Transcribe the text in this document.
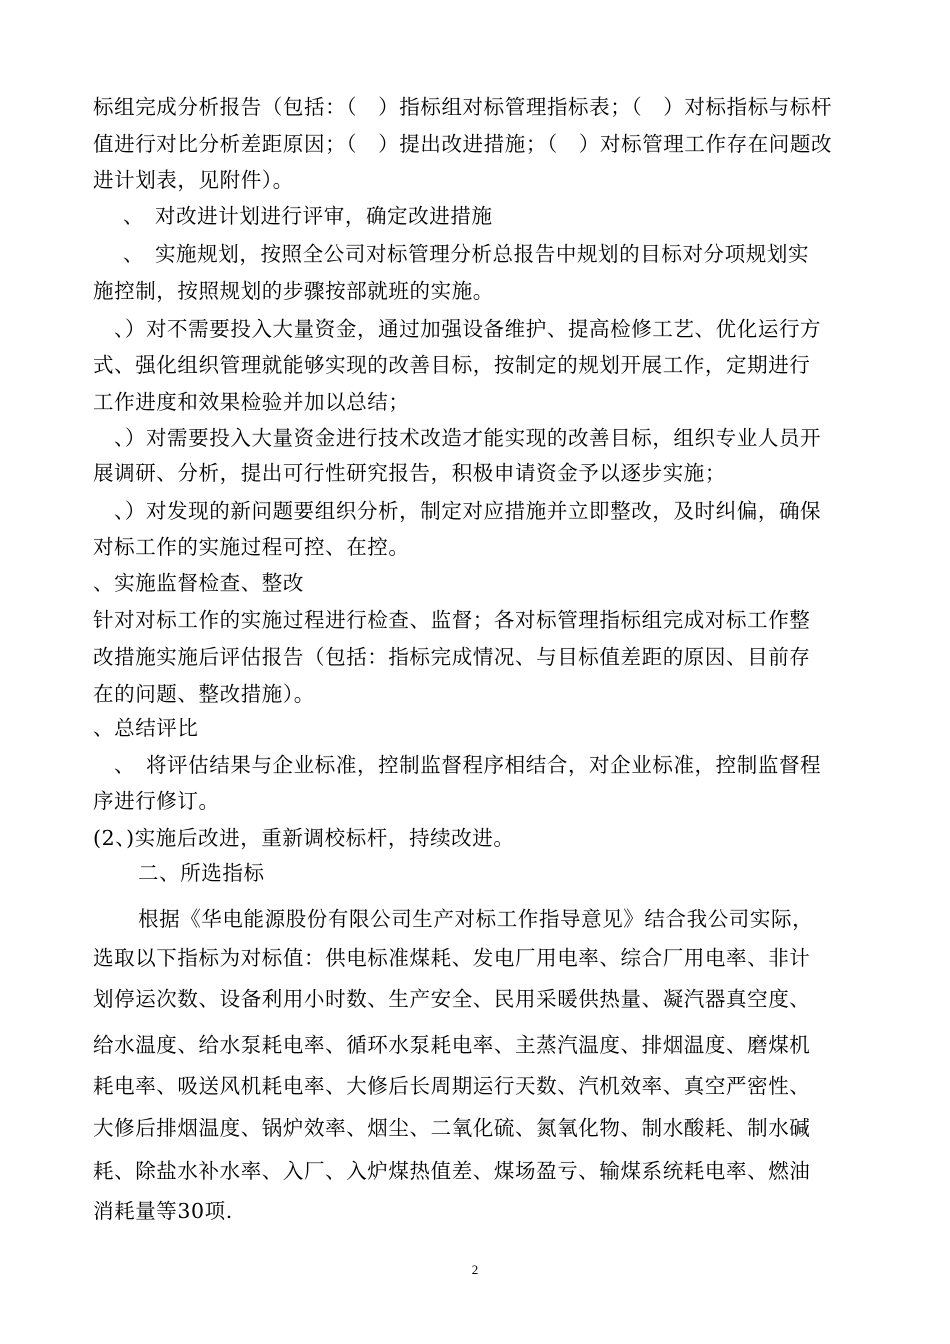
标组完成分析报告（包括：（　）指标组对标管理指标表；（　）对标指标与标杆
值进行对比分析差距原因；（　）提出改进措施；（　）对标管理工作存在问题改
进计划表，见附件）。
、　对改进计划进行评审，确定改进措施
、　实施规划，按照全公司对标管理分析总报告中规划的目标对分项规划实
施控制，按照规划的步骤按部就班的实施。
、）对不需要投入大量资金，通过加强设备维护、提高检修工艺、优化运行方
式、强化组织管理就能够实现的改善目标，按制定的规划开展工作，定期进行
工作进度和效果检验并加以总结；
、）对需要投入大量资金进行技术改造才能实现的改善目标，组织专业人员开
展调研、分析，提出可行性研究报告，积极申请资金予以逐步实施；
、）对发现的新问题要组织分析，制定对应措施并立即整改，及时纠偏，确保
对标工作的实施过程可控、在控。
、实施监督检查、整改
针对对标工作的实施过程进行检查、监督；各对标管理指标组完成对标工作整
改措施实施后评估报告（包括：指标完成情况、与目标值差距的原因、目前存
在的问题、整改措施）。
、总结评比
、　将评估结果与企业标准，控制监督程序相结合，对企业标准，控制监督程
序进行修订。
(2、)实施后改进，重新调校标杆，持续改进。
二、所选指标
根据《华电能源股份有限公司生产对标工作指导意见》结合我公司实际，
选取以下指标为对标值：供电标准煤耗、发电厂用电率、综合厂用电率、非计
划停运次数、设备利用小时数、生产安全、民用采暖供热量、凝汽器真空度、
给水温度、给水泵耗电率、循环水泵耗电率、主蒸汽温度、排烟温度、磨煤机
耗电率、吸送风机耗电率、大修后长周期运行天数、汽机效率、真空严密性、
大修后排烟温度、锅炉效率、烟尘、二氧化硫、氮氧化物、制水酸耗、制水碱
耗、除盐水补水率、入厂、入炉煤热值差、煤场盈亏、输煤系统耗电率、燃油
消耗量等30项.
2
